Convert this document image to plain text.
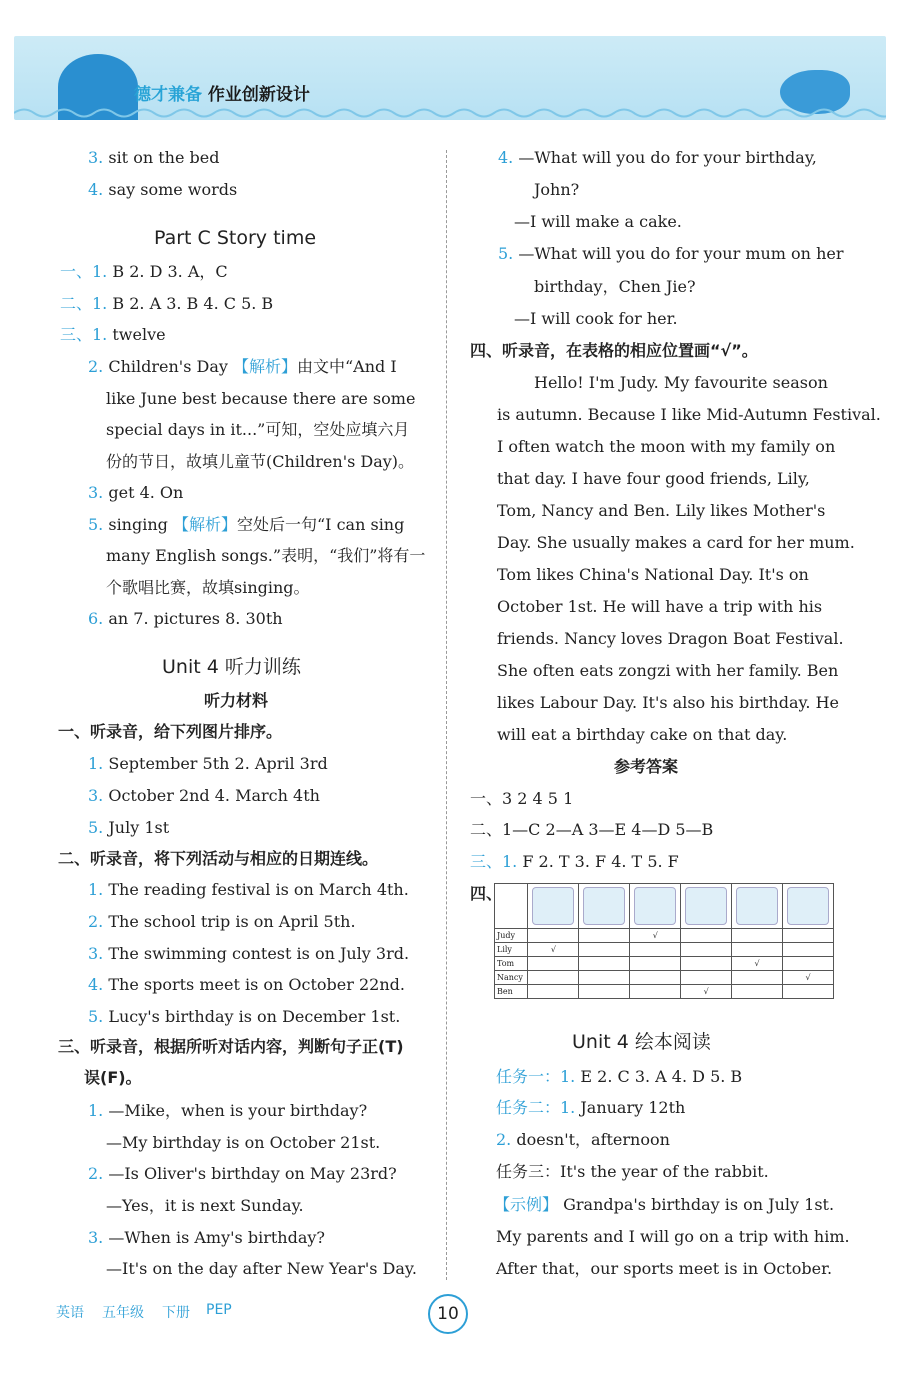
德才兼备 作业创新设计
3. sit on the bed
4. say some words
Part C Story time
一、1. B 2. D 3. A，C
二、1. B 2. A 3. B 4. C 5. B
三、1. twelve
2. Children's Day 【解析】由文中“And I
like June best because there are some
special days in it...”可知，空处应填六月
份的节日，故填儿童节(Children's Day)。
3. get 4. On
5. singing 【解析】空处后一句“I can sing
many English songs.”表明，“我们”将有一
个歌唱比赛，故填singing。
6. an 7. pictures 8. 30th
Unit 4 听力训练
听力材料
一、听录音，给下列图片排序。
1. September 5th 2. April 3rd
3. October 2nd 4. March 4th
5. July 1st
二、听录音，将下列活动与相应的日期连线。
1. The reading festival is on March 4th.
2. The school trip is on April 5th.
3. The swimming contest is on July 3rd.
4. The sports meet is on October 22nd.
5. Lucy's birthday is on December 1st.
三、听录音，根据所听对话内容，判断句子正(T)
误(F)。
1. —Mike，when is your birthday?
—My birthday is on October 21st.
2. —Is Oliver's birthday on May 23rd?
—Yes，it is next Sunday.
3. —When is Amy's birthday?
—It's on the day after New Year's Day.
4. —What will you do for your birthday,
John?
—I will make a cake.
5. —What will you do for your mum on her
birthday，Chen Jie?
—I will cook for her.
四、听录音，在表格的相应位置画“√”。
Hello! I'm Judy. My favourite season
is autumn. Because I like Mid-Autumn Festival.
I often watch the moon with my family on
that day. I have four good friends, Lily,
Tom, Nancy and Ben. Lily likes Mother's
Day. She usually makes a card for her mum.
Tom likes China's National Day. It's on
October 1st. He will have a trip with his
friends. Nancy loves Dragon Boat Festival.
She often eats zongzi with her family. Ben
likes Labour Day. It's also his birthday. He
will eat a birthday cake on that day.
参考答案
一、3 2 4 5 1
二、1—C 2—A 3—E 4—D 5—B
三、1. F 2. T 3. F 4. T 5. F
四、
Unit 4 绘本阅读
任务一：1. E 2. C 3. A 4. D 5. B
任务二：1. January 12th
2. doesn't，afternoon
任务三：It's the year of the rabbit.
【示例】 Grandpa's birthday is on July 1st.
My parents and I will go on a trip with him.
After that，our sports meet is in October.

Judy			√			
Lily	√					
Tom					√	
Nancy						√
Ben				√		
英语 五年级 下册 PEP	10
